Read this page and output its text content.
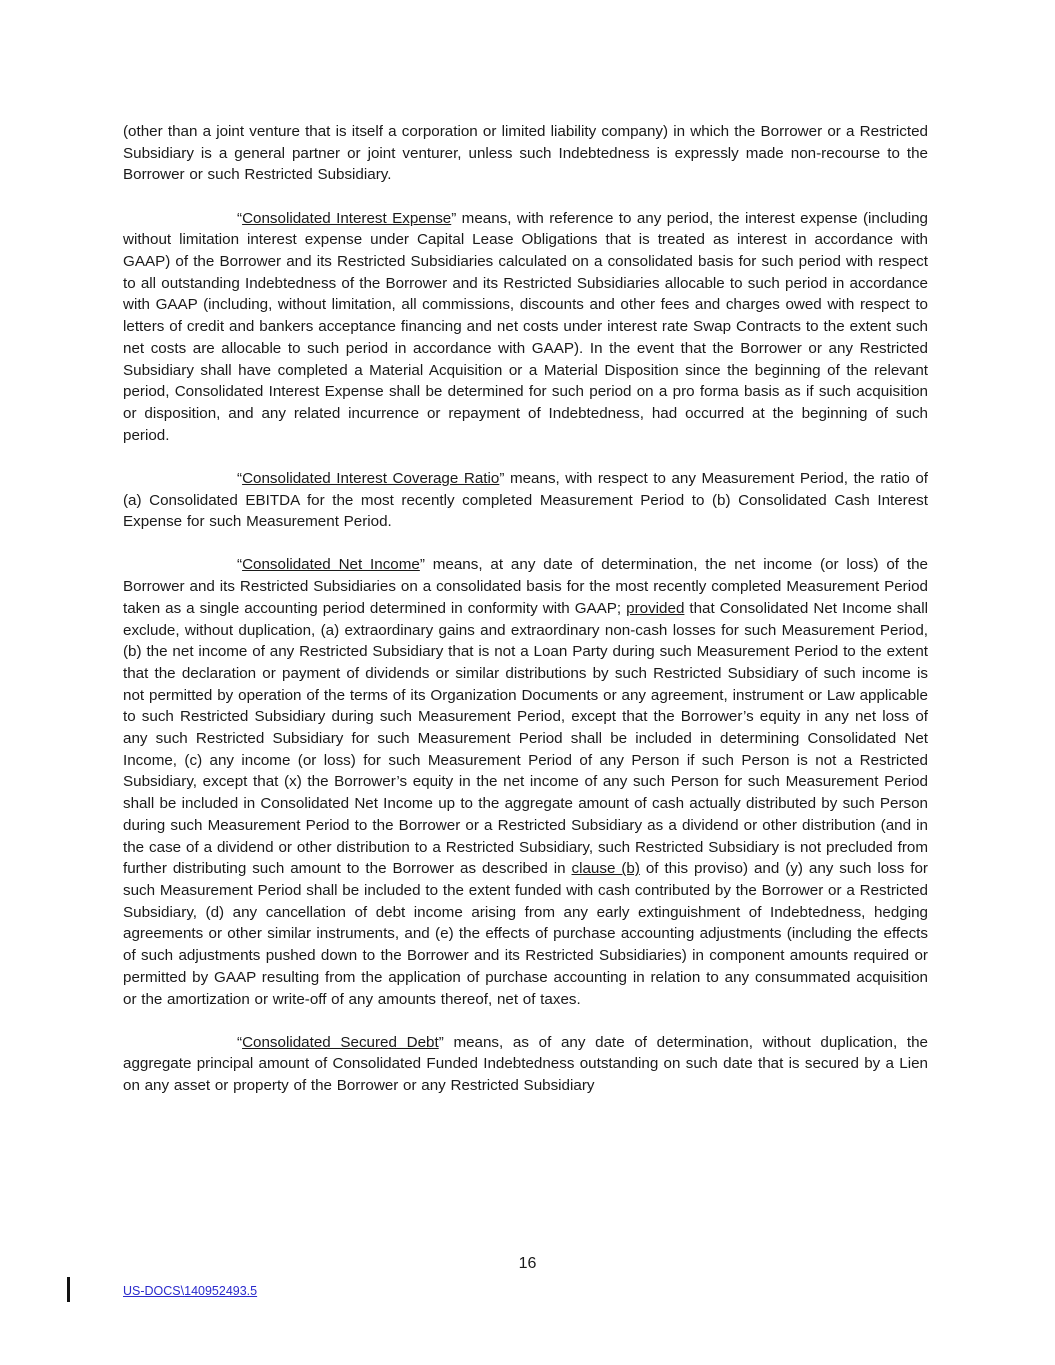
(other than a joint venture that is itself a corporation or limited liability company) in which the Borrower or a Restricted Subsidiary is a general partner or joint venturer, unless such Indebtedness is expressly made non-recourse to the Borrower or such Restricted Subsidiary.

“Consolidated Interest Expense” means, with reference to any period, the interest expense (including without limitation interest expense under Capital Lease Obligations that is treated as interest in accordance with GAAP) of the Borrower and its Restricted Subsidiaries calculated on a consolidated basis for such period with respect to all outstanding Indebtedness of the Borrower and its Restricted Subsidiaries allocable to such period in accordance with GAAP (including, without limitation, all commissions, discounts and other fees and charges owed with respect to letters of credit and bankers acceptance financing and net costs under interest rate Swap Contracts to the extent such net costs are allocable to such period in accordance with GAAP). In the event that the Borrower or any Restricted Subsidiary shall have completed a Material Acquisition or a Material Disposition since the beginning of the relevant period, Consolidated Interest Expense shall be determined for such period on a pro forma basis as if such acquisition or disposition, and any related incurrence or repayment of Indebtedness, had occurred at the beginning of such period.

“Consolidated Interest Coverage Ratio” means, with respect to any Measurement Period, the ratio of (a) Consolidated EBITDA for the most recently completed Measurement Period to (b) Consolidated Cash Interest Expense for such Measurement Period.

“Consolidated Net Income” means, at any date of determination, the net income (or loss) of the Borrower and its Restricted Subsidiaries on a consolidated basis for the most recently completed Measurement Period taken as a single accounting period determined in conformity with GAAP; provided that Consolidated Net Income shall exclude, without duplication, (a) extraordinary gains and extraordinary non-cash losses for such Measurement Period, (b) the net income of any Restricted Subsidiary that is not a Loan Party during such Measurement Period to the extent that the declaration or payment of dividends or similar distributions by such Restricted Subsidiary of such income is not permitted by operation of the terms of its Organization Documents or any agreement, instrument or Law applicable to such Restricted Subsidiary during such Measurement Period, except that the Borrower’s equity in any net loss of any such Restricted Subsidiary for such Measurement Period shall be included in determining Consolidated Net Income, (c) any income (or loss) for such Measurement Period of any Person if such Person is not a Restricted Subsidiary, except that (x) the Borrower’s equity in the net income of any such Person for such Measurement Period shall be included in Consolidated Net Income up to the aggregate amount of cash actually distributed by such Person during such Measurement Period to the Borrower or a Restricted Subsidiary as a dividend or other distribution (and in the case of a dividend or other distribution to a Restricted Subsidiary, such Restricted Subsidiary is not precluded from further distributing such amount to the Borrower as described in clause (b) of this proviso) and (y) any such loss for such Measurement Period shall be included to the extent funded with cash contributed by the Borrower or a Restricted Subsidiary, (d) any cancellation of debt income arising from any early extinguishment of Indebtedness, hedging agreements or other similar instruments, and (e) the effects of purchase accounting adjustments (including the effects of such adjustments pushed down to the Borrower and its Restricted Subsidiaries) in component amounts required or permitted by GAAP resulting from the application of purchase accounting in relation to any consummated acquisition or the amortization or write-off of any amounts thereof, net of taxes.

“Consolidated Secured Debt” means, as of any date of determination, without duplication, the aggregate principal amount of Consolidated Funded Indebtedness outstanding on such date that is secured by a Lien on any asset or property of the Borrower or any Restricted Subsidiary

16
US-DOCS\140952493.5
